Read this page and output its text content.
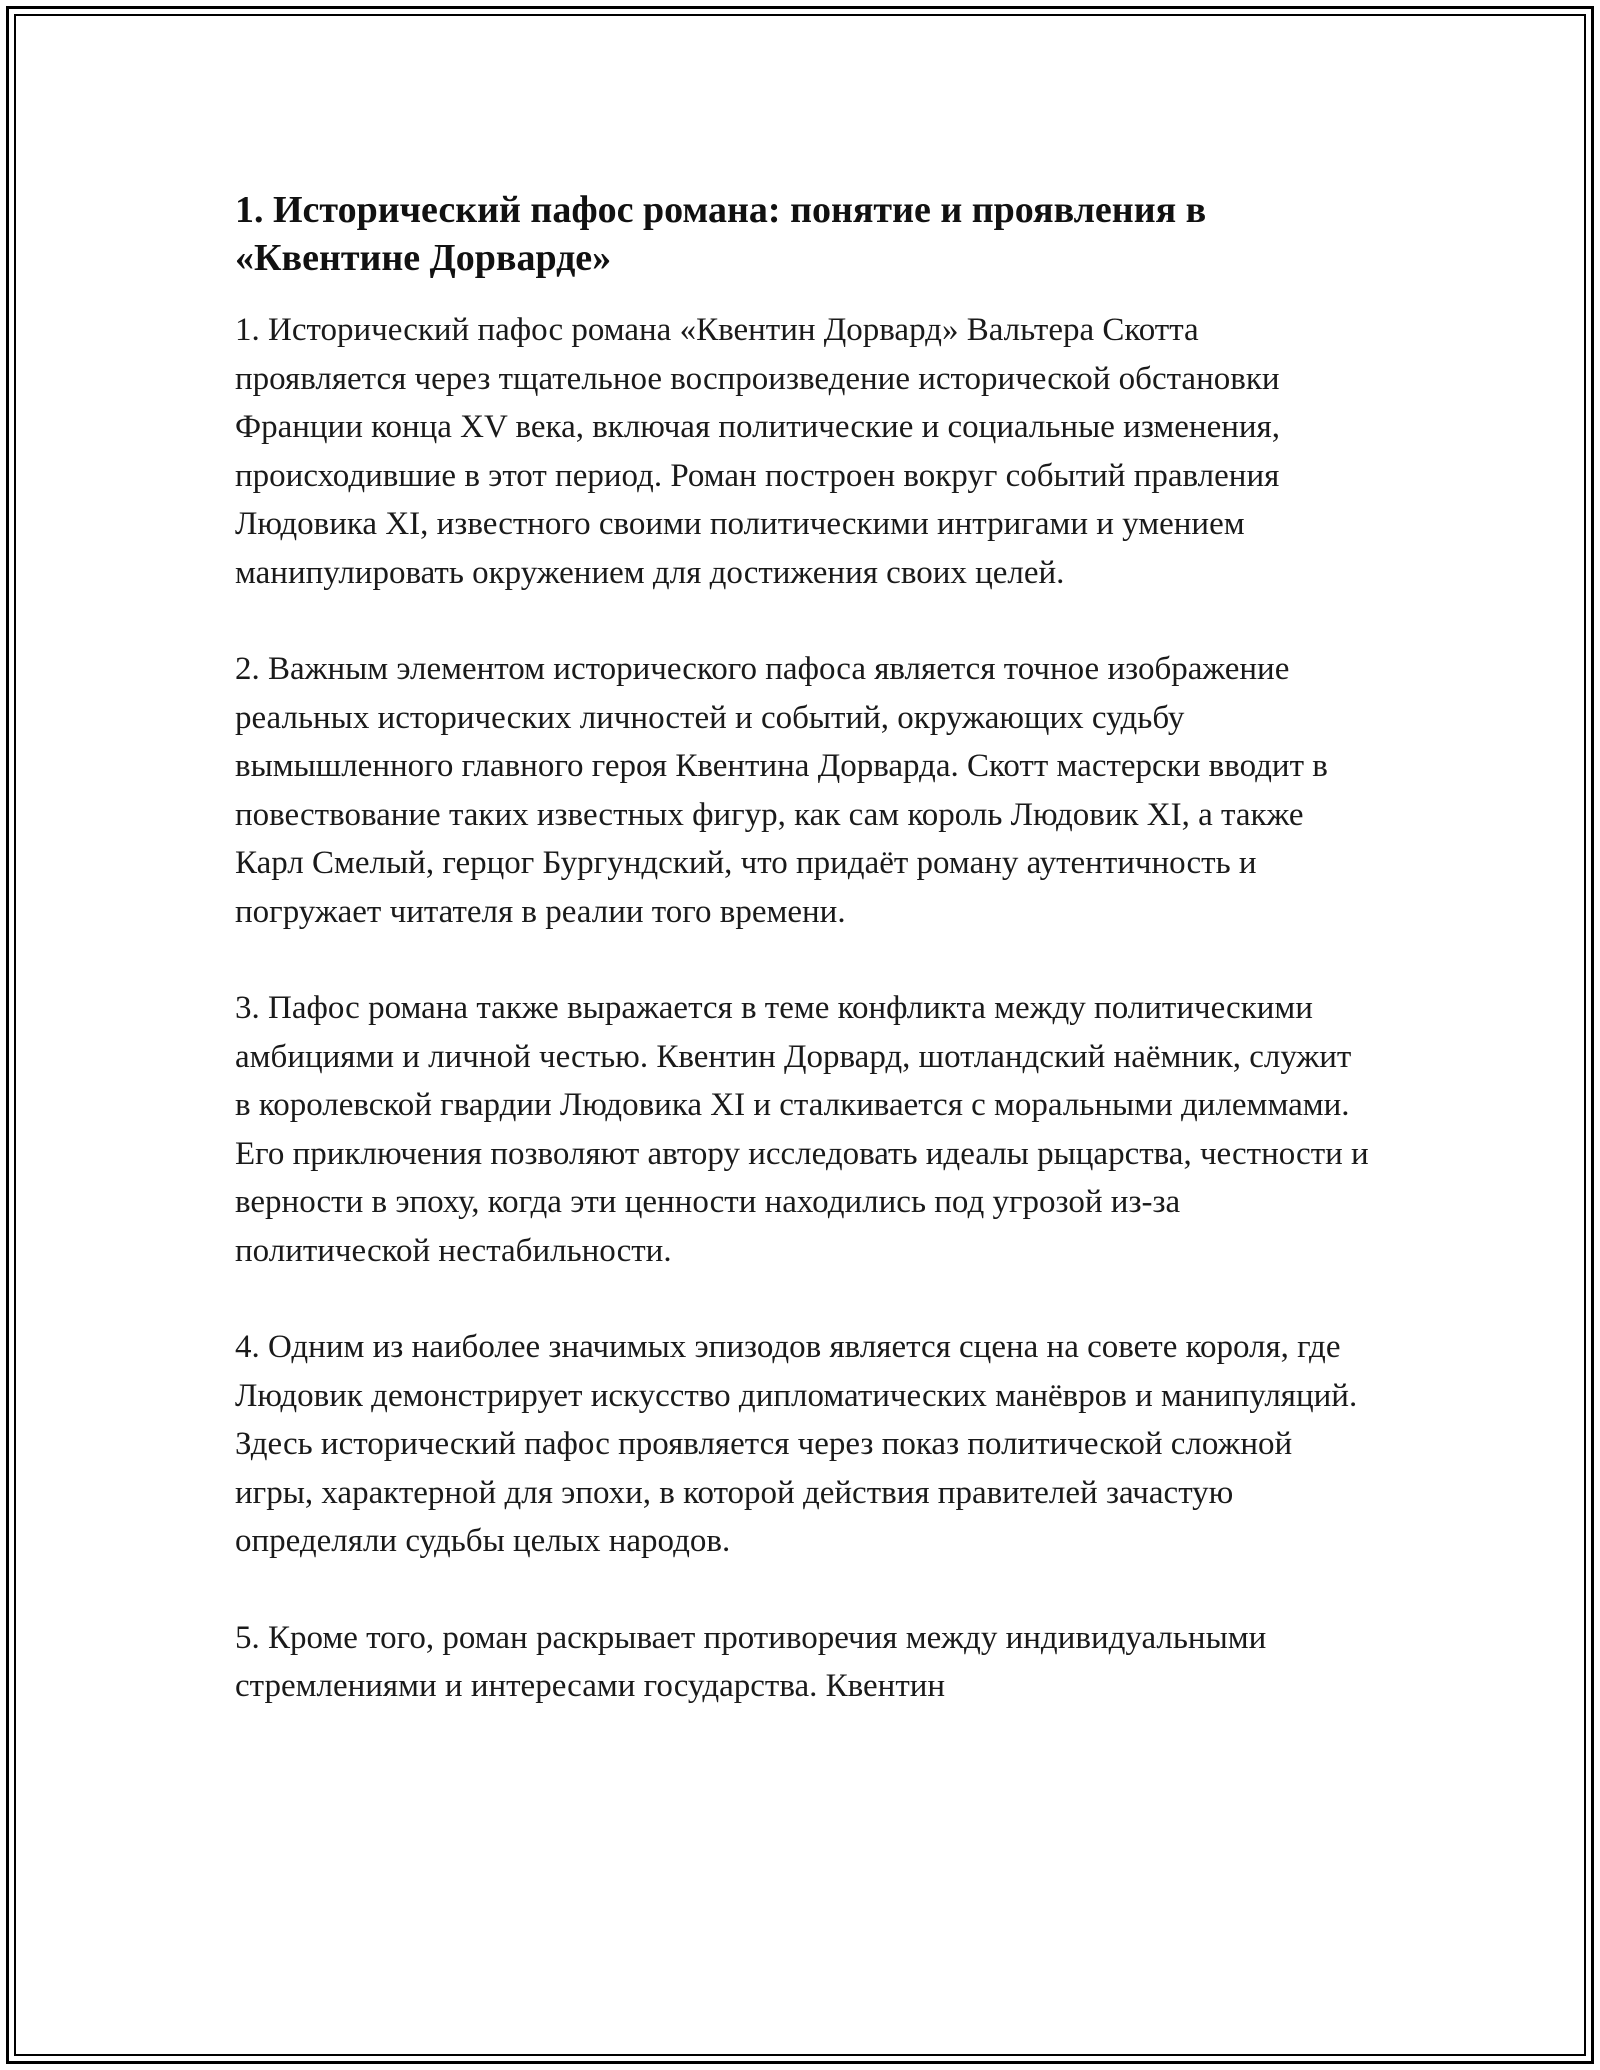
1. Исторический пафос романа: понятие и проявления в «Квентине Дорварде»

1. Исторический пафос романа «Квентин Дорвард» Вальтера Скотта проявляется через тщательное воспроизведение исторической обстановки Франции конца XV века, включая политические и социальные изменения, происходившие в этот период. Роман построен вокруг событий правления Людовика XI, известного своими политическими интригами и умением манипулировать окружением для достижения своих целей.

2. Важным элементом исторического пафоса является точное изображение реальных исторических личностей и событий, окружающих судьбу вымышленного главного героя Квентина Дорварда. Скотт мастерски вводит в повествование таких известных фигур, как сам король Людовик XI, а также Карл Смелый, герцог Бургундский, что придаёт роману аутентичность и погружает читателя в реалии того времени.

3. Пафос романа также выражается в теме конфликта между политическими амбициями и личной честью. Квентин Дорвард, шотландский наёмник, служит в королевской гвардии Людовика XI и сталкивается с моральными дилеммами. Его приключения позволяют автору исследовать идеалы рыцарства, честности и верности в эпоху, когда эти ценности находились под угрозой из-за политической нестабильности.

4. Одним из наиболее значимых эпизодов является сцена на совете короля, где Людовик демонстрирует искусство дипломатических манёвров и манипуляций. Здесь исторический пафос проявляется через показ политической сложной игры, характерной для эпохи, в которой действия правителей зачастую определяли судьбы целых народов.

5. Кроме того, роман раскрывает противоречия между индивидуальными стремлениями и интересами государства. Квентин
